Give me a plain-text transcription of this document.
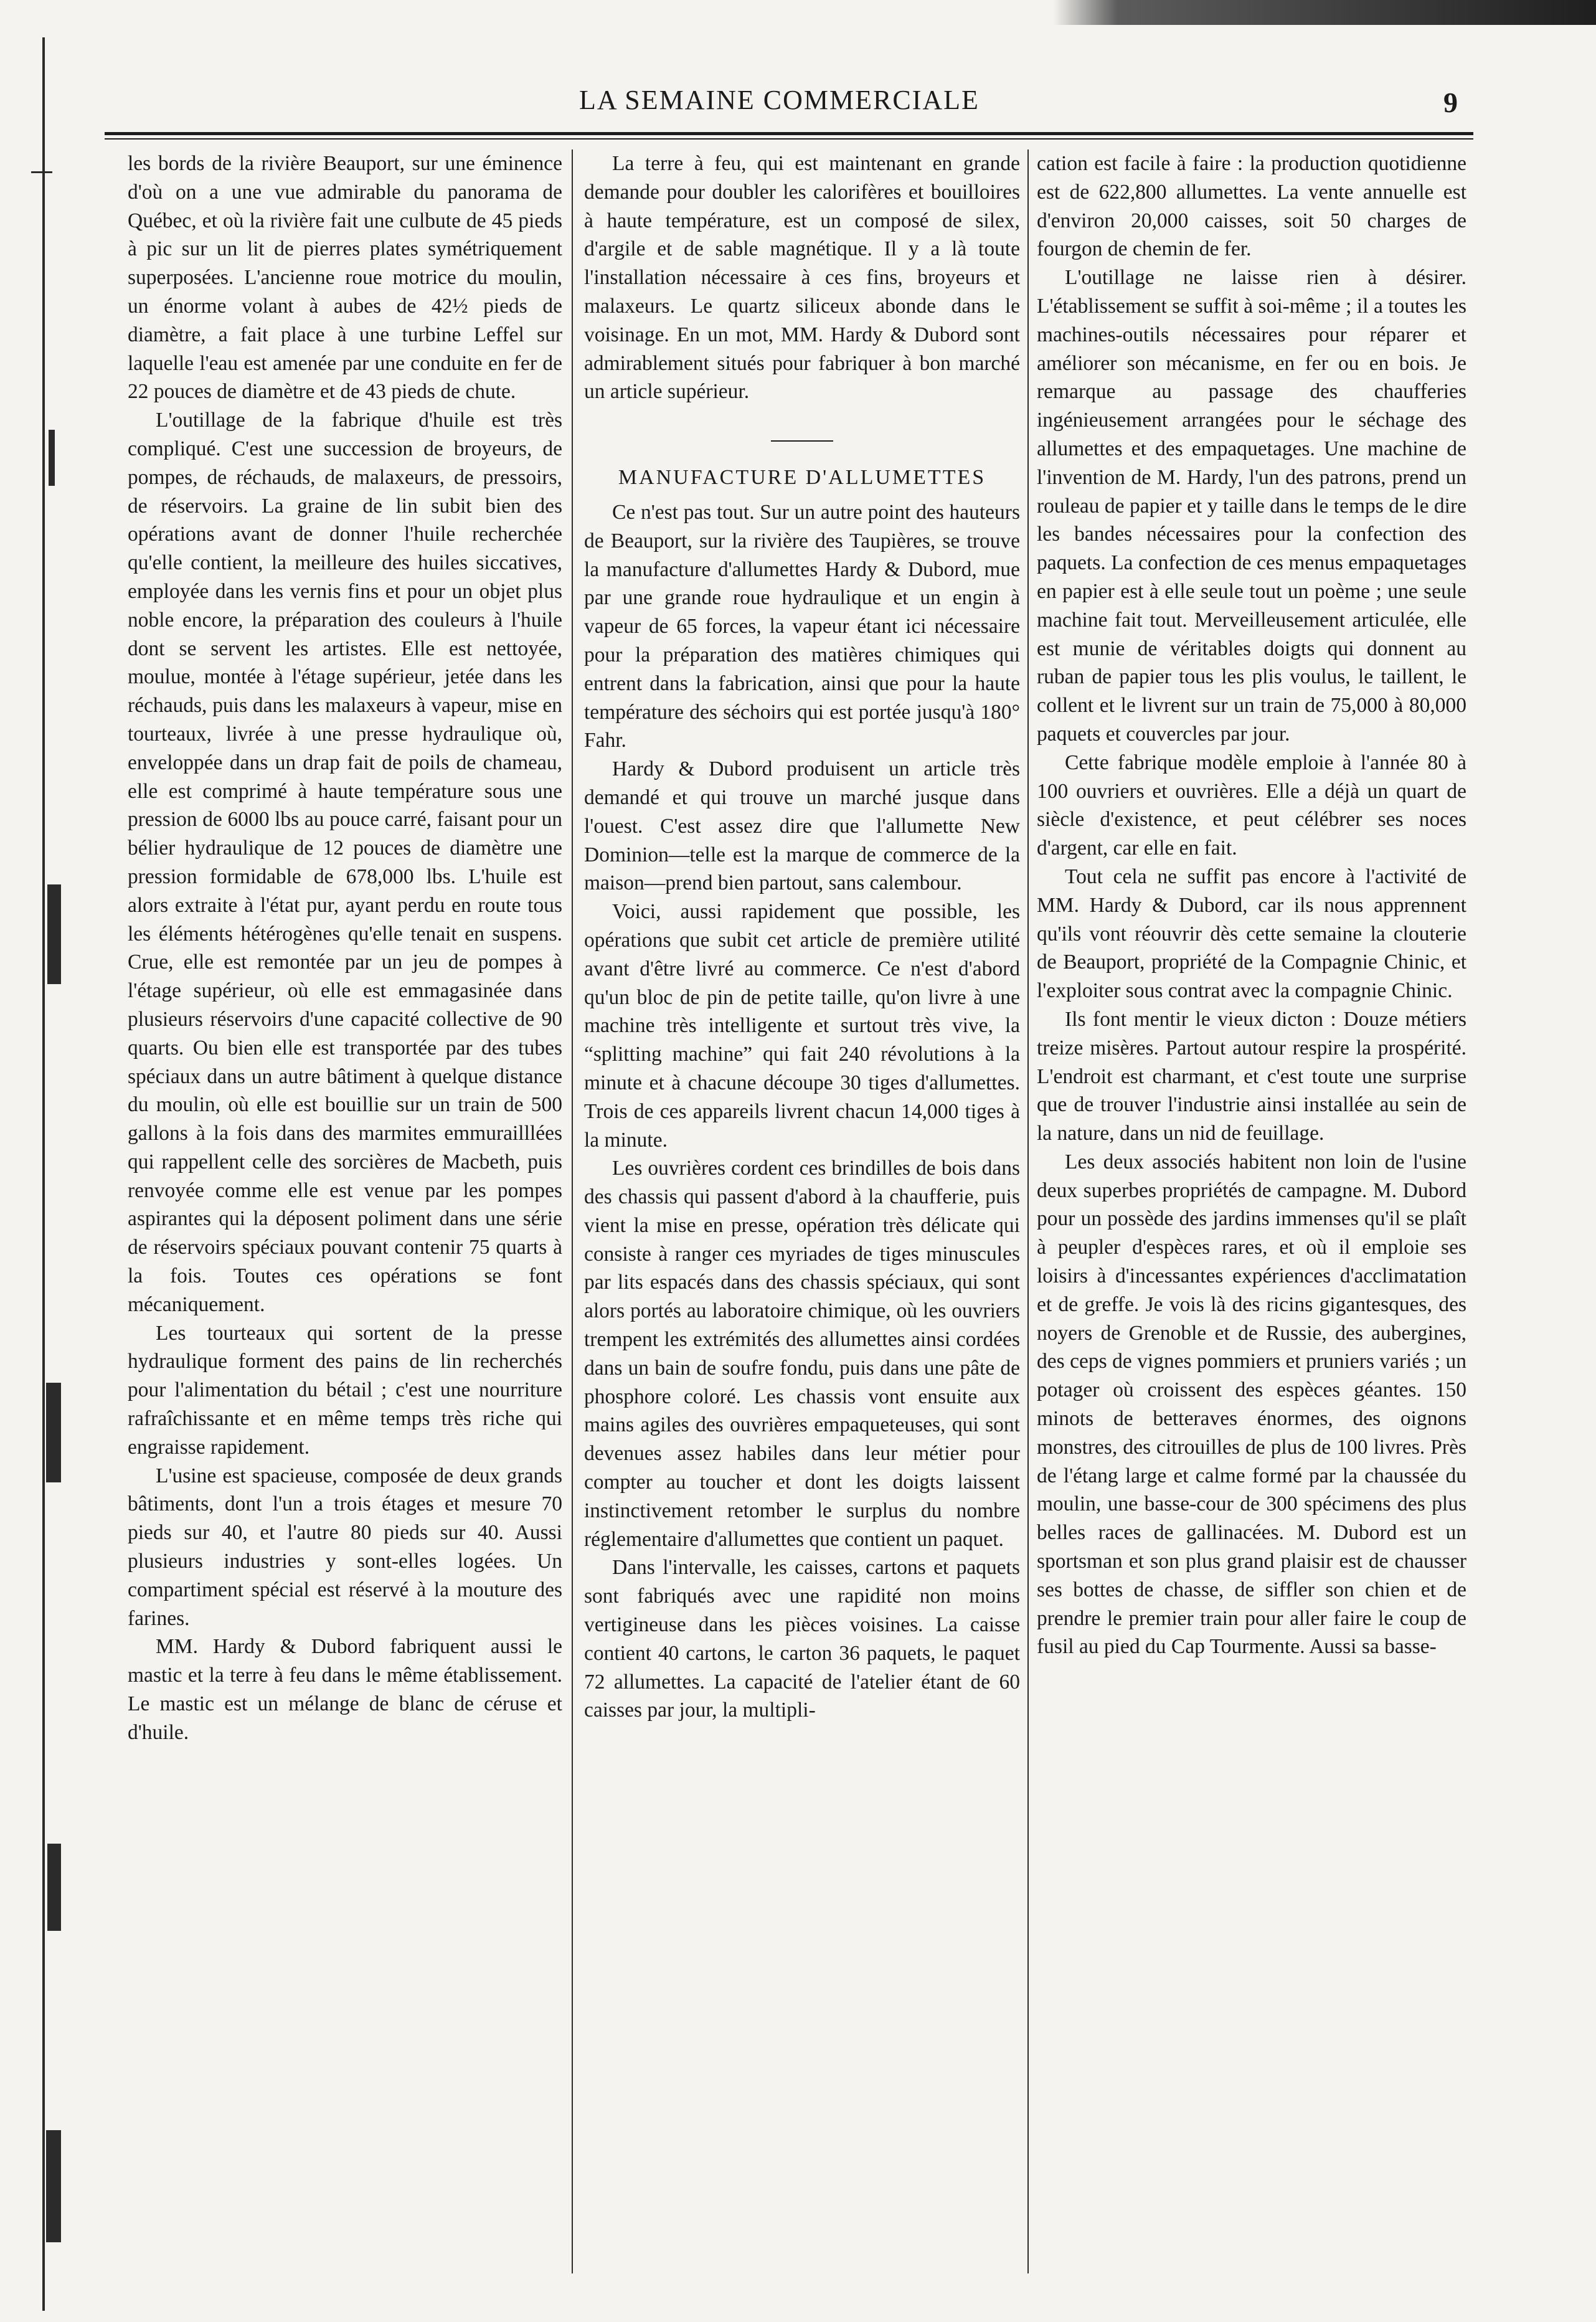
LA SEMAINE COMMERCIALE	9

les bords de la rivière Beauport, sur une éminence d'où on a une vue admirable du panorama de Québec, et où la rivière fait une culbute de 45 pieds à pic sur un lit de pierres plates symétriquement superposées. L'ancienne roue motrice du moulin, un énorme volant à aubes de 42½ pieds de diamètre, a fait place à une turbine Leffel sur laquelle l'eau est amenée par une conduite en fer de 22 pouces de diamètre et de 43 pieds de chute.

L'outillage de la fabrique d'huile est très compliqué. C'est une succession de broyeurs, de pompes, de réchauds, de malaxeurs, de pressoirs, de réservoirs. La graine de lin subit bien des opérations avant de donner l'huile recherchée qu'elle contient, la meilleure des huiles siccatives, employée dans les vernis fins et pour un objet plus noble encore, la préparation des couleurs à l'huile dont se servent les artistes. Elle est nettoyée, moulue, montée à l'étage supérieur, jetée dans les réchauds, puis dans les malaxeurs à vapeur, mise en tourteaux, livrée à une presse hydraulique où, enveloppée dans un drap fait de poils de chameau, elle est comprimé à haute température sous une pression de 6000 lbs au pouce carré, faisant pour un bélier hydraulique de 12 pouces de diamètre une pression formidable de 678,000 lbs. L'huile est alors extraite à l'état pur, ayant perdu en route tous les éléments hétérogènes qu'elle tenait en suspens. Crue, elle est remontée par un jeu de pompes à l'étage supérieur, où elle est emmagasinée dans plusieurs réservoirs d'une capacité collective de 90 quarts. Ou bien elle est transportée par des tubes spéciaux dans un autre bâtiment à quelque distance du moulin, où elle est bouillie sur un train de 500 gallons à la fois dans des marmites emmurailllées qui rappellent celle des sorcières de Macbeth, puis renvoyée comme elle est venue par les pompes aspirantes qui la déposent poliment dans une série de réservoirs spéciaux pouvant contenir 75 quarts à la fois. Toutes ces opérations se font mécaniquement.

Les tourteaux qui sortent de la presse hydraulique forment des pains de lin recherchés pour l'alimentation du bétail ; c'est une nourriture rafraîchissante et en même temps très riche qui engraisse rapidement.

L'usine est spacieuse, composée de deux grands bâtiments, dont l'un a trois étages et mesure 70 pieds sur 40, et l'autre 80 pieds sur 40. Aussi plusieurs industries y sont-elles logées. Un compartiment spécial est réservé à la mouture des farines.

MM. Hardy & Dubord fabriquent aussi le mastic et la terre à feu dans le même établissement. Le mastic est un mélange de blanc de céruse et d'huile.

La terre à feu, qui est maintenant en grande demande pour doubler les calorifères et bouilloires à haute température, est un composé de silex, d'argile et de sable magnétique. Il y a là toute l'installation nécessaire à ces fins, broyeurs et malaxeurs. Le quartz siliceux abonde dans le voisinage. En un mot, MM. Hardy & Dubord sont admirablement situés pour fabriquer à bon marché un article supérieur.

MANUFACTURE D'ALLUMETTES

Ce n'est pas tout. Sur un autre point des hauteurs de Beauport, sur la rivière des Taupières, se trouve la manufacture d'allumettes Hardy & Dubord, mue par une grande roue hydraulique et un engin à vapeur de 65 forces, la vapeur étant ici nécessaire pour la préparation des matières chimiques qui entrent dans la fabrication, ainsi que pour la haute température des séchoirs qui est portée jusqu'à 180° Fahr.

Hardy & Dubord produisent un article très demandé et qui trouve un marché jusque dans l'ouest. C'est assez dire que l'allumette New Dominion—telle est la marque de commerce de la maison—prend bien partout, sans calembour.

Voici, aussi rapidement que possible, les opérations que subit cet article de première utilité avant d'être livré au commerce. Ce n'est d'abord qu'un bloc de pin de petite taille, qu'on livre à une machine très intelligente et surtout très vive, la “splitting machine” qui fait 240 révolutions à la minute et à chacune découpe 30 tiges d'allumettes. Trois de ces appareils livrent chacun 14,000 tiges à la minute.

Les ouvrières cordent ces brindilles de bois dans des chassis qui passent d'abord à la chaufferie, puis vient la mise en presse, opération très délicate qui consiste à ranger ces myriades de tiges minuscules par lits espacés dans des chassis spéciaux, qui sont alors portés au laboratoire chimique, où les ouvriers trempent les extrémités des allumettes ainsi cordées dans un bain de soufre fondu, puis dans une pâte de phosphore coloré. Les chassis vont ensuite aux mains agiles des ouvrières empaqueteuses, qui sont devenues assez habiles dans leur métier pour compter au toucher et dont les doigts laissent instinctivement retomber le surplus du nombre réglementaire d'allumettes que contient un paquet.

Dans l'intervalle, les caisses, cartons et paquets sont fabriqués avec une rapidité non moins vertigineuse dans les pièces voisines. La caisse contient 40 cartons, le carton 36 paquets, le paquet 72 allumettes. La capacité de l'atelier étant de 60 caisses par jour, la multipli-

cation est facile à faire : la production quotidienne est de 622,800 allumettes. La vente annuelle est d'environ 20,000 caisses, soit 50 charges de fourgon de chemin de fer.

L'outillage ne laisse rien à désirer. L'établissement se suffit à soi-même ; il a toutes les machines-outils nécessaires pour réparer et améliorer son mécanisme, en fer ou en bois. Je remarque au passage des chaufferies ingénieusement arrangées pour le séchage des allumettes et des empaquetages. Une machine de l'invention de M. Hardy, l'un des patrons, prend un rouleau de papier et y taille dans le temps de le dire les bandes nécessaires pour la confection des paquets. La confection de ces menus empaquetages en papier est à elle seule tout un poème ; une seule machine fait tout. Merveilleusement articulée, elle est munie de véritables doigts qui donnent au ruban de papier tous les plis voulus, le taillent, le collent et le livrent sur un train de 75,000 à 80,000 paquets et couvercles par jour.

Cette fabrique modèle emploie à l'année 80 à 100 ouvriers et ouvrières. Elle a déjà un quart de siècle d'existence, et peut célébrer ses noces d'argent, car elle en fait.

Tout cela ne suffit pas encore à l'activité de MM. Hardy & Dubord, car ils nous apprennent qu'ils vont réouvrir dès cette semaine la clouterie de Beauport, propriété de la Compagnie Chinic, et l'exploiter sous contrat avec la compagnie Chinic.

Ils font mentir le vieux dicton : Douze métiers treize misères. Partout autour respire la prospérité. L'endroit est charmant, et c'est toute une surprise que de trouver l'industrie ainsi installée au sein de la nature, dans un nid de feuillage.

Les deux associés habitent non loin de l'usine deux superbes propriétés de campagne. M. Dubord pour un possède des jardins immenses qu'il se plaît à peupler d'espèces rares, et où il emploie ses loisirs à d'incessantes expériences d'acclimatation et de greffe. Je vois là des ricins gigantesques, des noyers de Grenoble et de Russie, des aubergines, des ceps de vignes pommiers et pruniers variés ; un potager où croissent des espèces géantes. 150 minots de betteraves énormes, des oignons monstres, des citrouilles de plus de 100 livres. Près de l'étang large et calme formé par la chaussée du moulin, une basse-cour de 300 spécimens des plus belles races de gallinacées. M. Dubord est un sportsman et son plus grand plaisir est de chausser ses bottes de chasse, de siffler son chien et de prendre le premier train pour aller faire le coup de fusil au pied du Cap Tourmente. Aussi sa basse-
